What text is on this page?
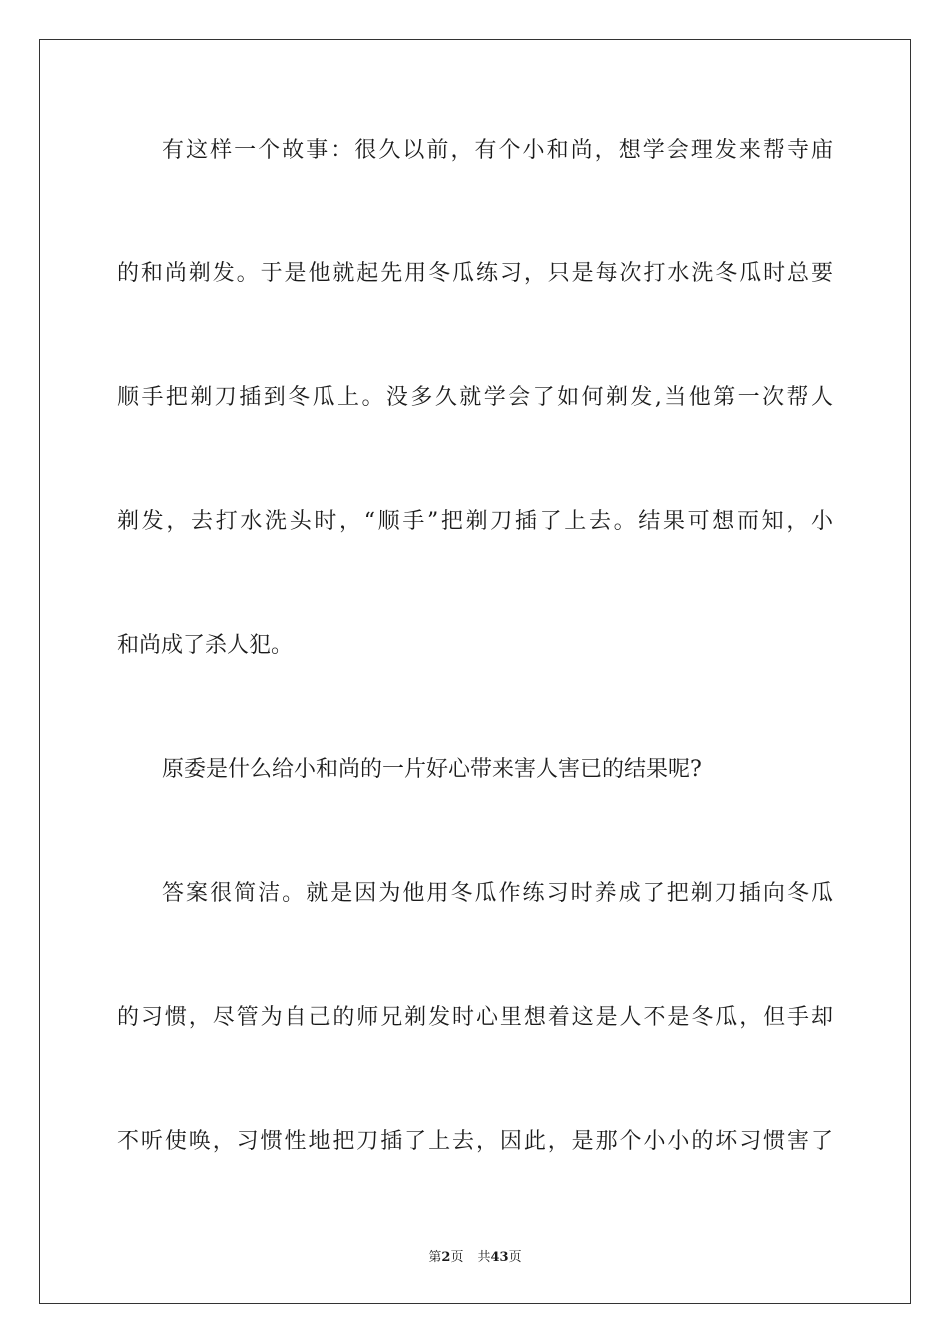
有这样一个故事：很久以前，有个小和尚，想学会理发来帮寺庙
的和尚剃发。于是他就起先用冬瓜练习，只是每次打水洗冬瓜时总要
顺手把剃刀插到冬瓜上。没多久就学会了如何剃发,当他第一次帮人
剃发，去打水洗头时，“顺手”把剃刀插了上去。结果可想而知，小
和尚成了杀人犯。
原委是什么给小和尚的一片好心带来害人害已的结果呢?
答案很简洁。就是因为他用冬瓜作练习时养成了把剃刀插向冬瓜
的习惯，尽管为自己的师兄剃发时心里想着这是人不是冬瓜，但手却
不听使唤，习惯性地把刀插了上去，因此，是那个小小的坏习惯害了
第2页 共43页
